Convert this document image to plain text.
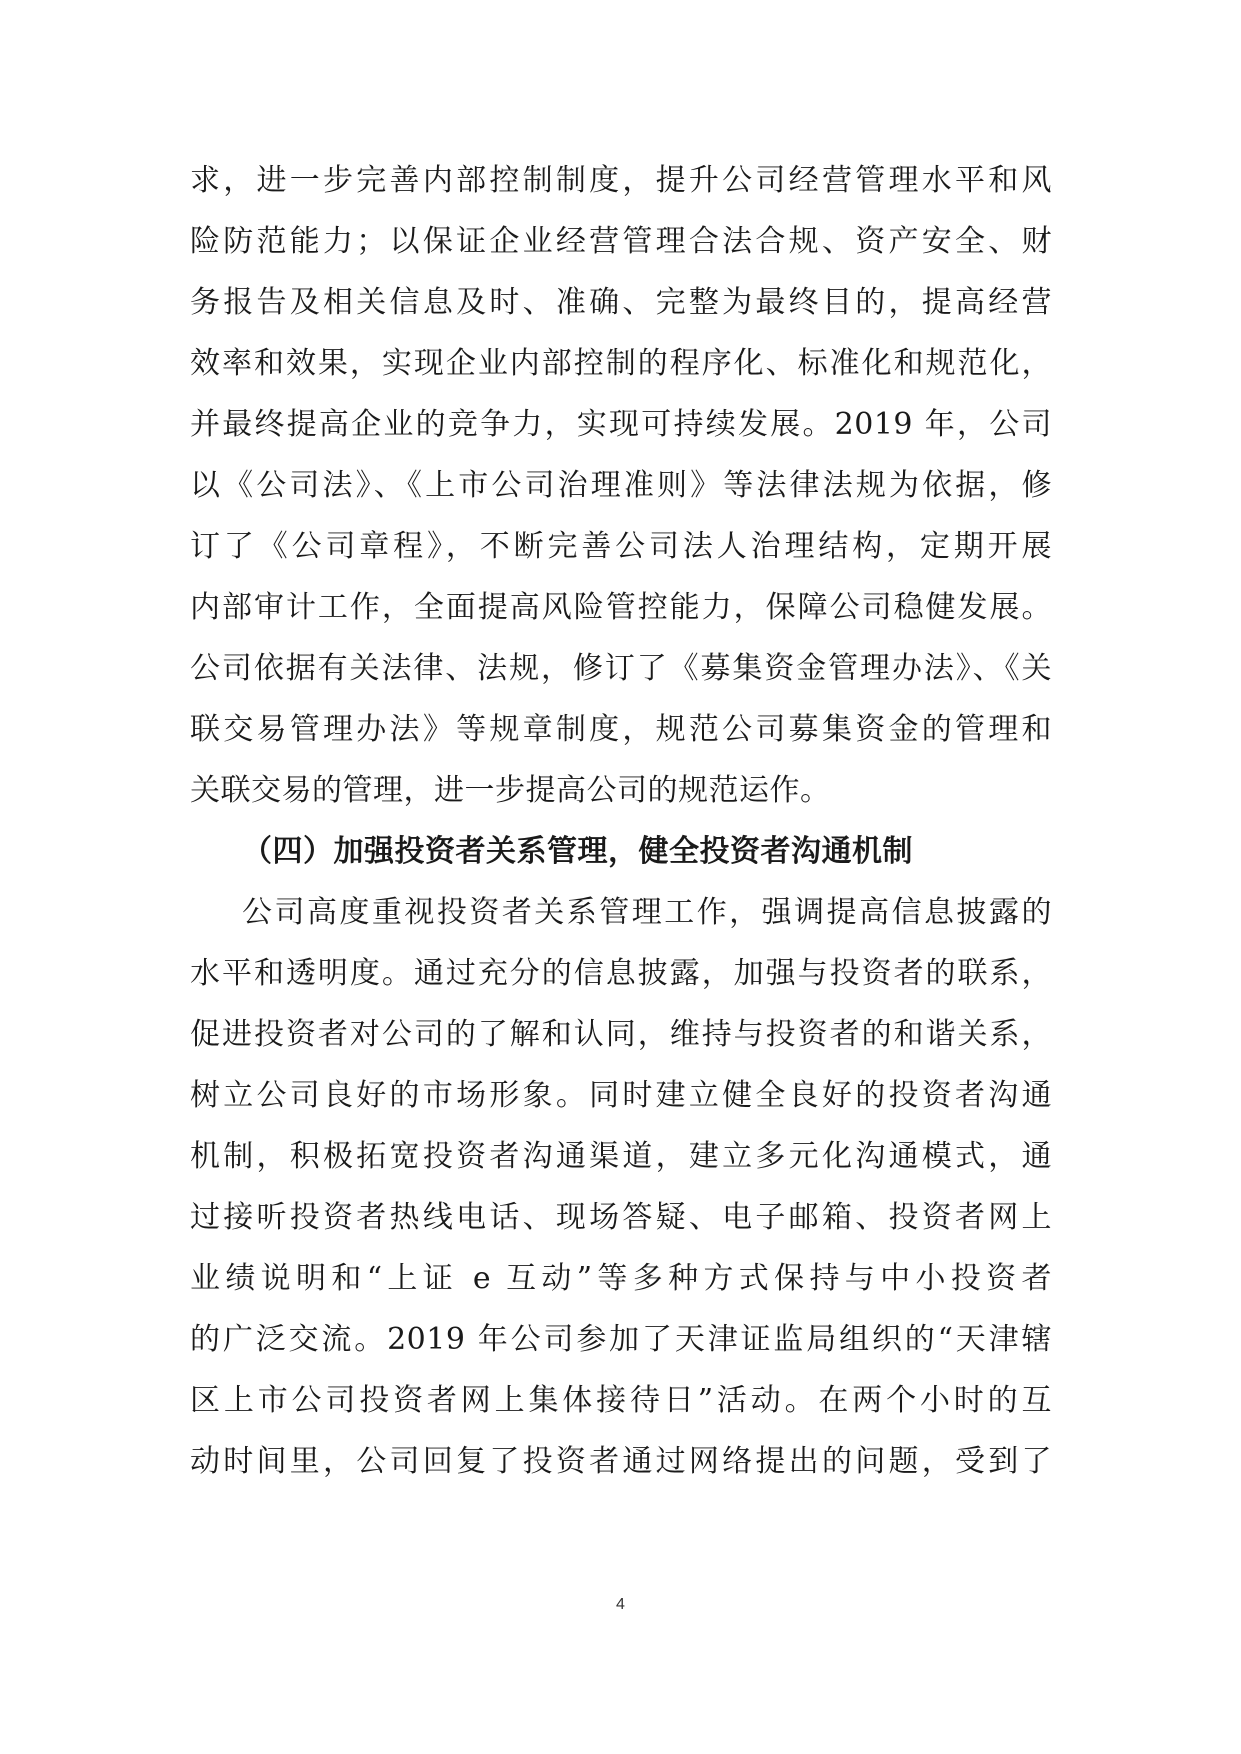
求，进一步完善内部控制制度，提升公司经营管理水平和风
险防范能力；以保证企业经营管理合法合规、资产安全、财
务报告及相关信息及时、准确、完整为最终目的，提高经营
效率和效果，实现企业内部控制的程序化、标准化和规范化，
并最终提高企业的竞争力，实现可持续发展。2019 年，公司
以《公司法》、《上市公司治理准则》等法律法规为依据，修
订了《公司章程》，不断完善公司法人治理结构，定期开展
内部审计工作，全面提高风险管控能力，保障公司稳健发展。
公司依据有关法律、法规，修订了《募集资金管理办法》、《关
联交易管理办法》等规章制度，规范公司募集资金的管理和
关联交易的管理，进一步提高公司的规范运作。
（四）加强投资者关系管理，健全投资者沟通机制
公司高度重视投资者关系管理工作，强调提高信息披露的
水平和透明度。通过充分的信息披露，加强与投资者的联系，
促进投资者对公司的了解和认同，维持与投资者的和谐关系，
树立公司良好的市场形象。同时建立健全良好的投资者沟通
机制，积极拓宽投资者沟通渠道，建立多元化沟通模式，通
过接听投资者热线电话、现场答疑、电子邮箱、投资者网上
业绩说明和“上证 e 互动”等多种方式保持与中小投资者
的广泛交流。2019 年公司参加了天津证监局组织的“天津辖
区上市公司投资者网上集体接待日”活动。在两个小时的互
动时间里，公司回复了投资者通过网络提出的问题，受到了
4
